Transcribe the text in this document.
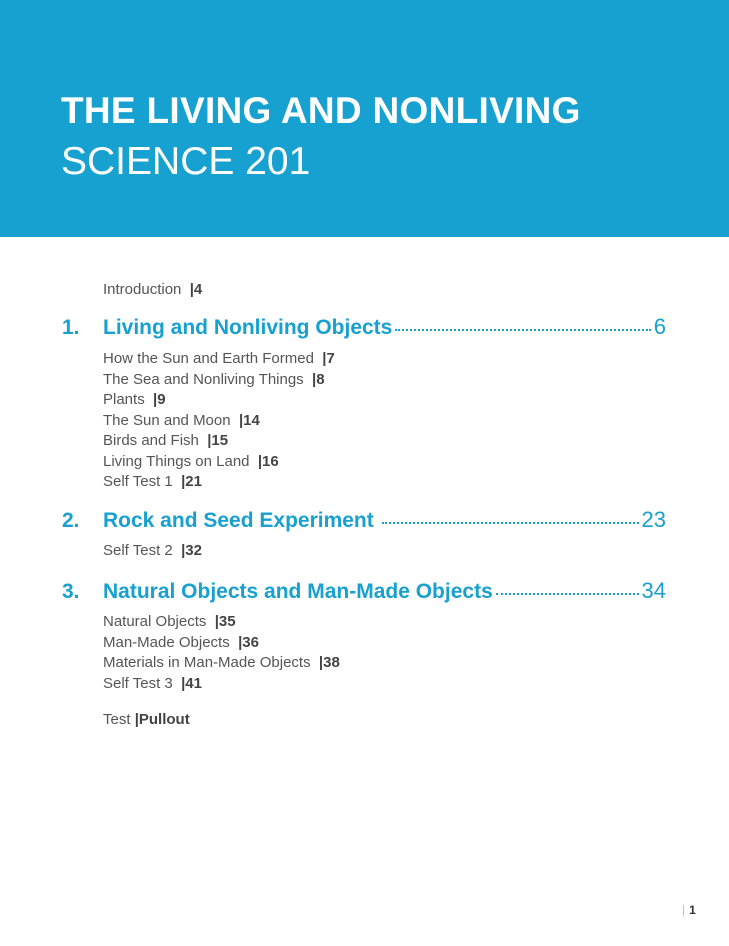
THE LIVING AND NONLIVING
SCIENCE 201
Introduction |4
1.	Living and Nonliving Objects	6
How the Sun and Earth Formed |7
The Sea and Nonliving Things |8
Plants |9
The Sun and Moon |14
Birds and Fish |15
Living Things on Land |16
Self Test 1 |21
2.	Rock and Seed Experiment	23
Self Test 2 |32
3.	Natural Objects and Man-Made Objects	34
Natural Objects |35
Man-Made Objects |36
Materials in Man-Made Objects |38
Self Test 3 |41
Test |Pullout
| 1
